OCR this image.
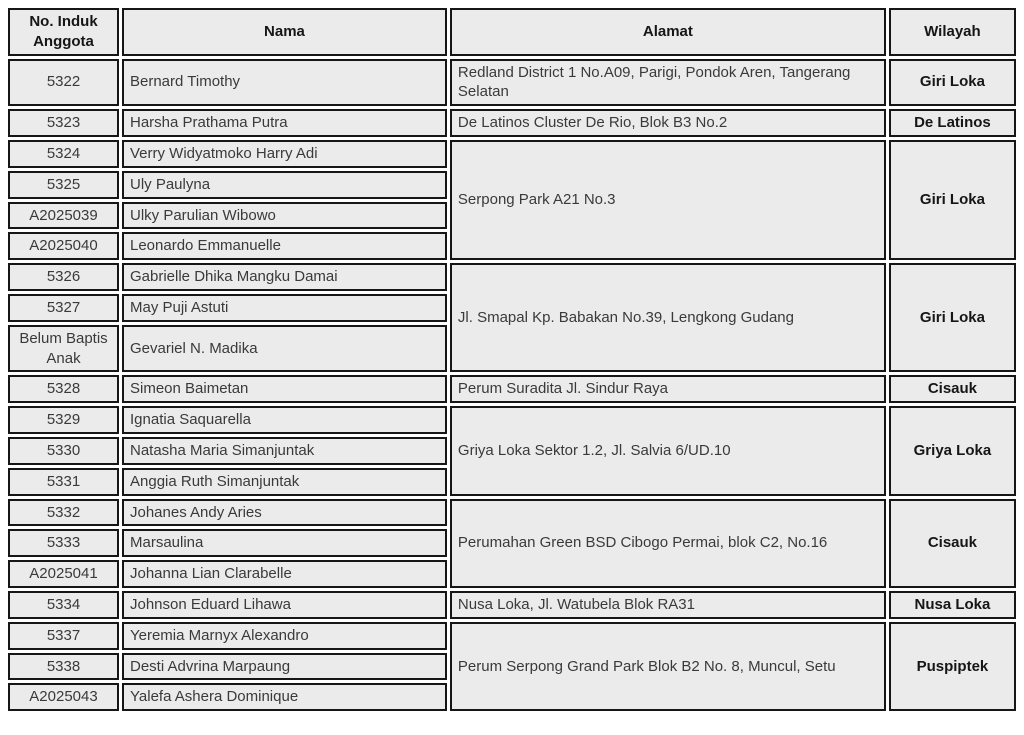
No. Induk Anggota	Nama	Alamat	Wilayah
5322	Bernard Timothy	Redland District 1 No.A09, Parigi, Pondok Aren, Tangerang Selatan	Giri Loka
5323	Harsha Prathama Putra	De Latinos Cluster De Rio, Blok B3 No.2	De Latinos
5324	Verry Widyatmoko Harry Adi	Serpong Park A21 No.3	Giri Loka
5325	Uly Paulyna		
A2025039	Ulky Parulian Wibowo		
A2025040	Leonardo Emmanuelle		
5326	Gabrielle Dhika Mangku Damai	Jl. Smapal Kp. Babakan No.39, Lengkong Gudang	Giri Loka
5327	May Puji Astuti		
Belum Baptis Anak	Gevariel N. Madika		
5328	Simeon Baimetan	Perum Suradita Jl. Sindur Raya	Cisauk
5329	Ignatia Saquarella	Griya Loka Sektor 1.2, Jl. Salvia 6/UD.10	Griya Loka
5330	Natasha Maria Simanjuntak		
5331	Anggia Ruth Simanjuntak		
5332	Johanes Andy Aries	Perumahan Green BSD Cibogo Permai, blok C2, No.16	Cisauk
5333	Marsaulina		
A2025041	Johanna Lian Clarabelle		
5334	Johnson Eduard Lihawa	Nusa Loka, Jl. Watubela Blok RA31	Nusa Loka
5337	Yeremia Marnyx Alexandro	Perum Serpong Grand Park Blok B2 No. 8, Muncul, Setu	Puspiptek
5338	Desti Advrina Marpaung		
A2025043	Yalefa Ashera Dominique		
